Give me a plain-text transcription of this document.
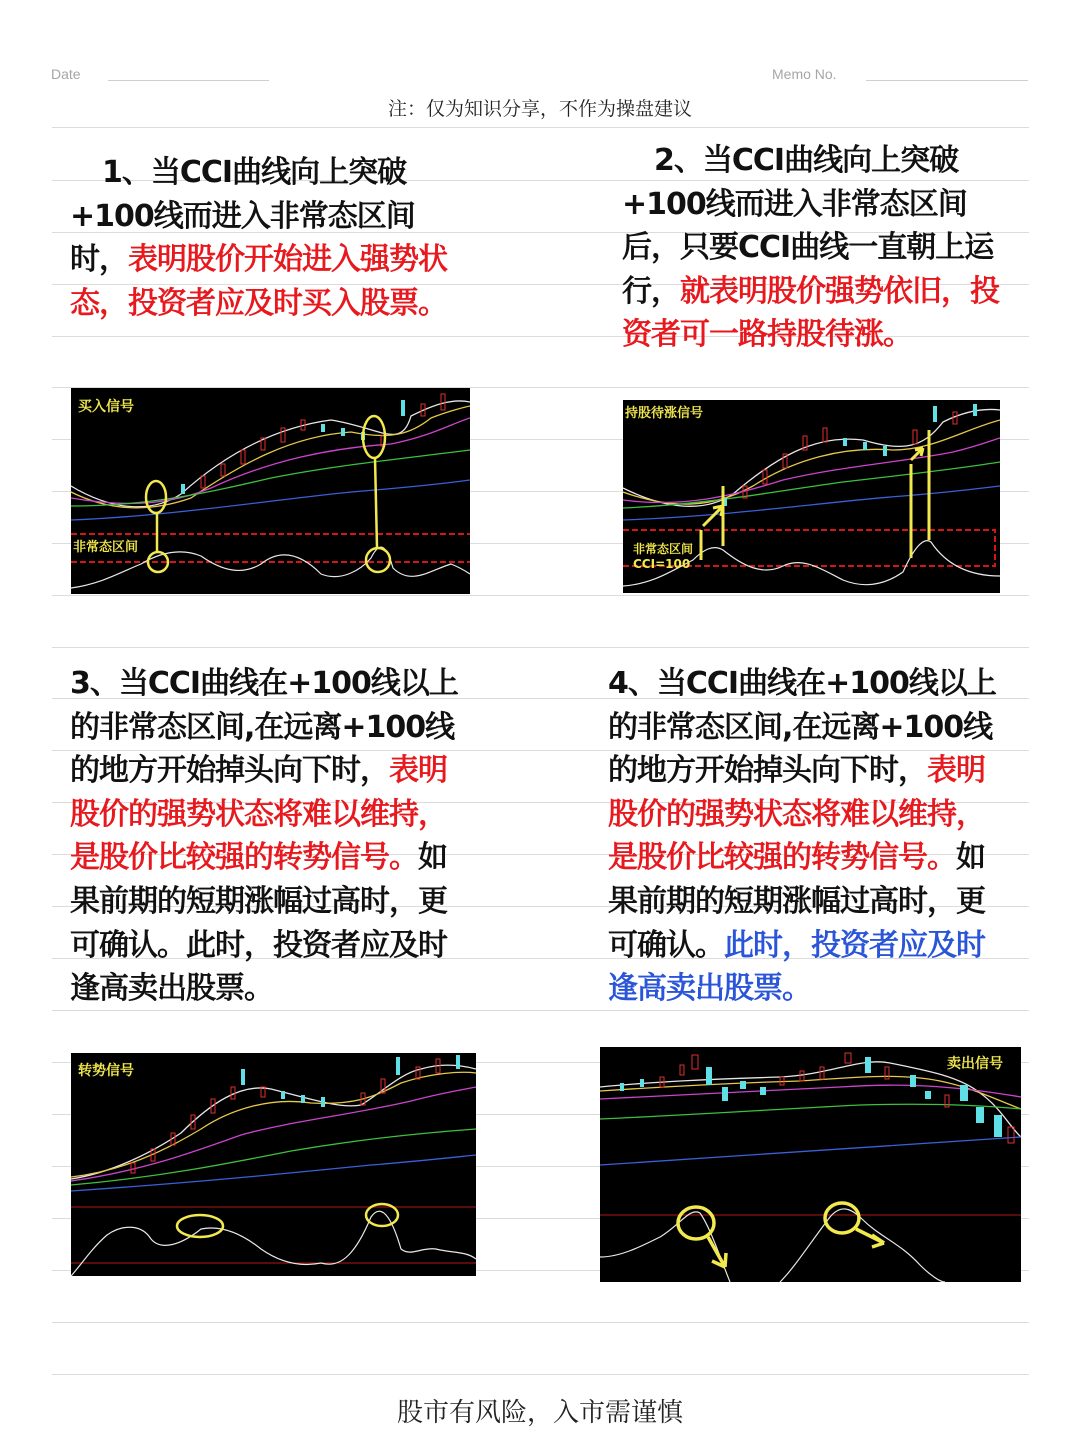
Date	Memo No.
注：仅为知识分享，不作为操盘建议
1、当CCI曲线向上突破
+100线而进入非常态区间
时，表明股价开始进入强势状
态，投资者应及时买入股票。
2、当CCI曲线向上突破
+100线而进入非常态区间
后，只要CCI曲线一直朝上运
行，就表明股价强势依旧，投
资者可一路持股待涨。
买入信号
非常态区间
持股待涨信号
非常态区间
CCI=100
3、当CCI曲线在+100线以上
的非常态区间,在远离+100线
的地方开始掉头向下时，表明
股价的强势状态将难以维持，
是股价比较强的转势信号。如
果前期的短期涨幅过高时，更
可确认。此时，投资者应及时
逢高卖出股票。
4、当CCI曲线在+100线以上
的非常态区间,在远离+100线
的地方开始掉头向下时，表明
股价的强势状态将难以维持，
是股价比较强的转势信号。如
果前期的短期涨幅过高时，更
可确认。此时，投资者应及时
逢高卖出股票。
转势信号	卖出信号
股市有风险，入市需谨慎
